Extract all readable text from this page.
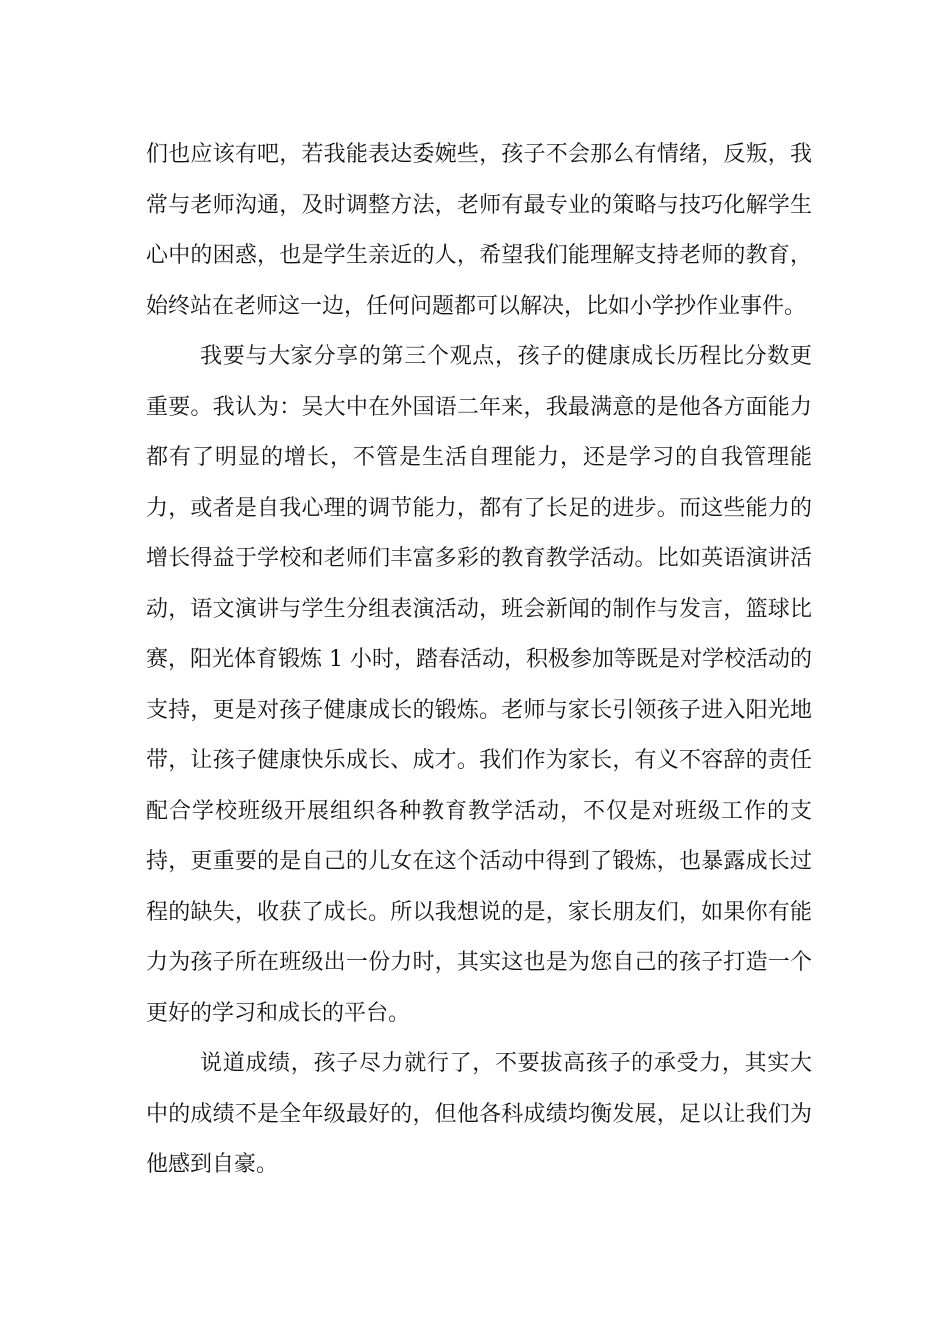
们也应该有吧，若我能表达委婉些，孩子不会那么有情绪，反叛，我常与老师沟通，及时调整方法，老师有最专业的策略与技巧化解学生心中的困惑，也是学生亲近的人，希望我们能理解支持老师的教育，始终站在老师这一边，任何问题都可以解决，比如小学抄作业事件。

我要与大家分享的第三个观点，孩子的健康成长历程比分数更重要。我认为：吴大中在外国语二年来，我最满意的是他各方面能力都有了明显的增长，不管是生活自理能力，还是学习的自我管理能力，或者是自我心理的调节能力，都有了长足的进步。而这些能力的增长得益于学校和老师们丰富多彩的教育教学活动。比如英语演讲活动，语文演讲与学生分组表演活动，班会新闻的制作与发言，篮球比赛，阳光体育锻炼 1 小时，踏春活动，积极参加等既是对学校活动的支持，更是对孩子健康成长的锻炼。老师与家长引领孩子进入阳光地带，让孩子健康快乐成长、成才。我们作为家长，有义不容辞的责任配合学校班级开展组织各种教育教学活动，不仅是对班级工作的支持，更重要的是自己的儿女在这个活动中得到了锻炼，也暴露成长过程的缺失，收获了成长。所以我想说的是，家长朋友们，如果你有能力为孩子所在班级出一份力时，其实这也是为您自己的孩子打造一个更好的学习和成长的平台。

说道成绩，孩子尽力就行了，不要拔高孩子的承受力，其实大中的成绩不是全年级最好的，但他各科成绩均衡发展，足以让我们为他感到自豪。
